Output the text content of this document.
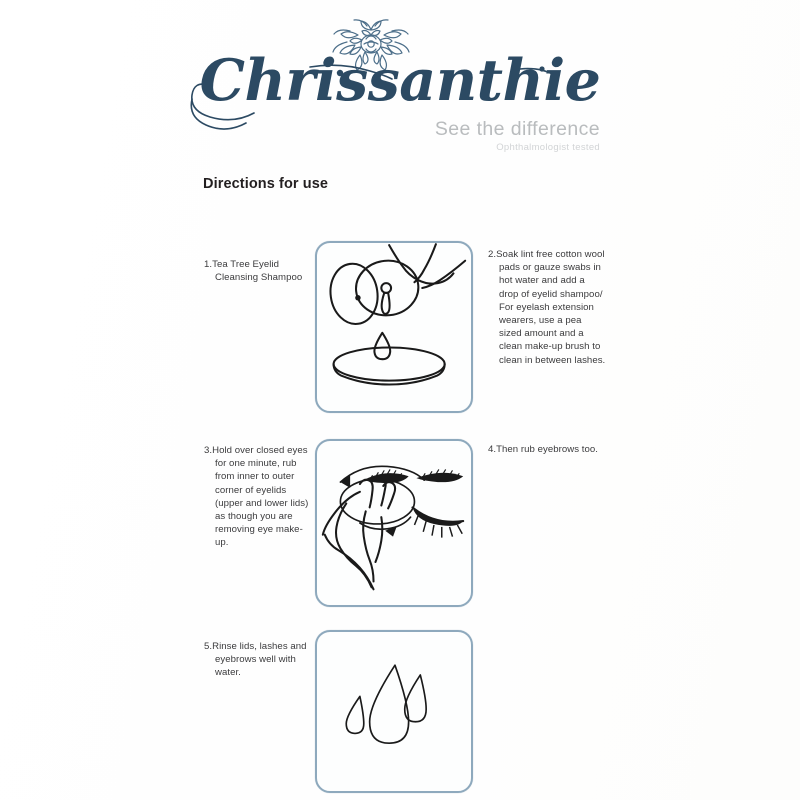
Chrissanthie
See the difference
Ophthalmologist tested
Directions for use
1.Tea Tree Eyelid Cleansing Shampoo
2.Soak lint free cotton wool pads or gauze swabs in hot water and add a drop of eyelid shampoo/ For eyelash extension wearers, use a pea sized amount and a clean make-up brush to clean in between lashes.
3.Hold over closed eyes for one minute, rub from inner to outer corner of eyelids (upper and lower lids) as though you are removing eye make-up.
4.Then rub eyebrows too.
5.Rinse lids, lashes and eyebrows well with water.
